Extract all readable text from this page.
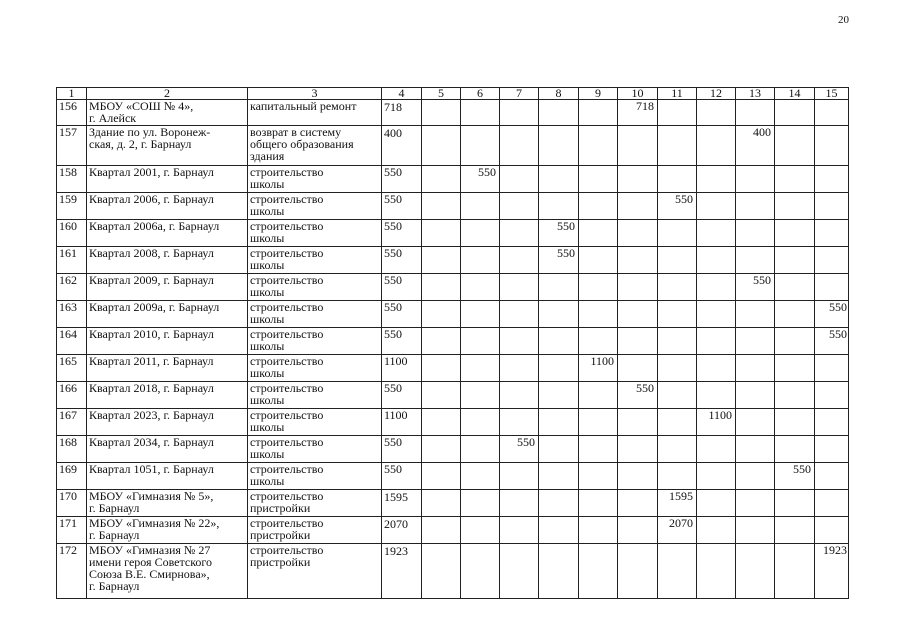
20
1	2	3	4	5	6	7	8	9	10	11	12	13	14	15
156	МБОУ «СОШ № 4»,
г. Алейск	капитальный ремонт	718						718					
157	Здание по ул. Воронеж-
ская, д. 2, г. Барнаул	возврат в систему
общего образования
здания	400									400		
158	Квартал 2001, г. Барнаул	строительство
школы	550		550									
159	Квартал 2006, г. Барнаул	строительство
школы	550							550				
160	Квартал 2006а, г. Барнаул	строительство
школы	550				550							
161	Квартал 2008, г. Барнаул	строительство
школы	550				550							
162	Квартал 2009, г. Барнаул	строительство
школы	550									550		
163	Квартал 2009а, г. Барнаул	строительство
школы	550											550
164	Квартал 2010, г. Барнаул	строительство
школы	550											550
165	Квартал 2011, г. Барнаул	строительство
школы	1100					1100						
166	Квартал 2018, г. Барнаул	строительство
школы	550						550					
167	Квартал 2023, г. Барнаул	строительство
школы	1100								1100			
168	Квартал 2034, г. Барнаул	строительство
школы	550			550								
169	Квартал 1051, г. Барнаул	строительство
школы	550										550	
170	МБОУ «Гимназия № 5»,
г. Барнаул	строительство
пристройки	1595							1595				
171	МБОУ «Гимназия № 22»,
г. Барнаул	строительство
пристройки	2070							2070				
172	МБОУ «Гимназия № 27
имени героя Советского
Союза В.Е. Смирнова»,
г. Барнаул	строительство
пристройки	1923											1923
